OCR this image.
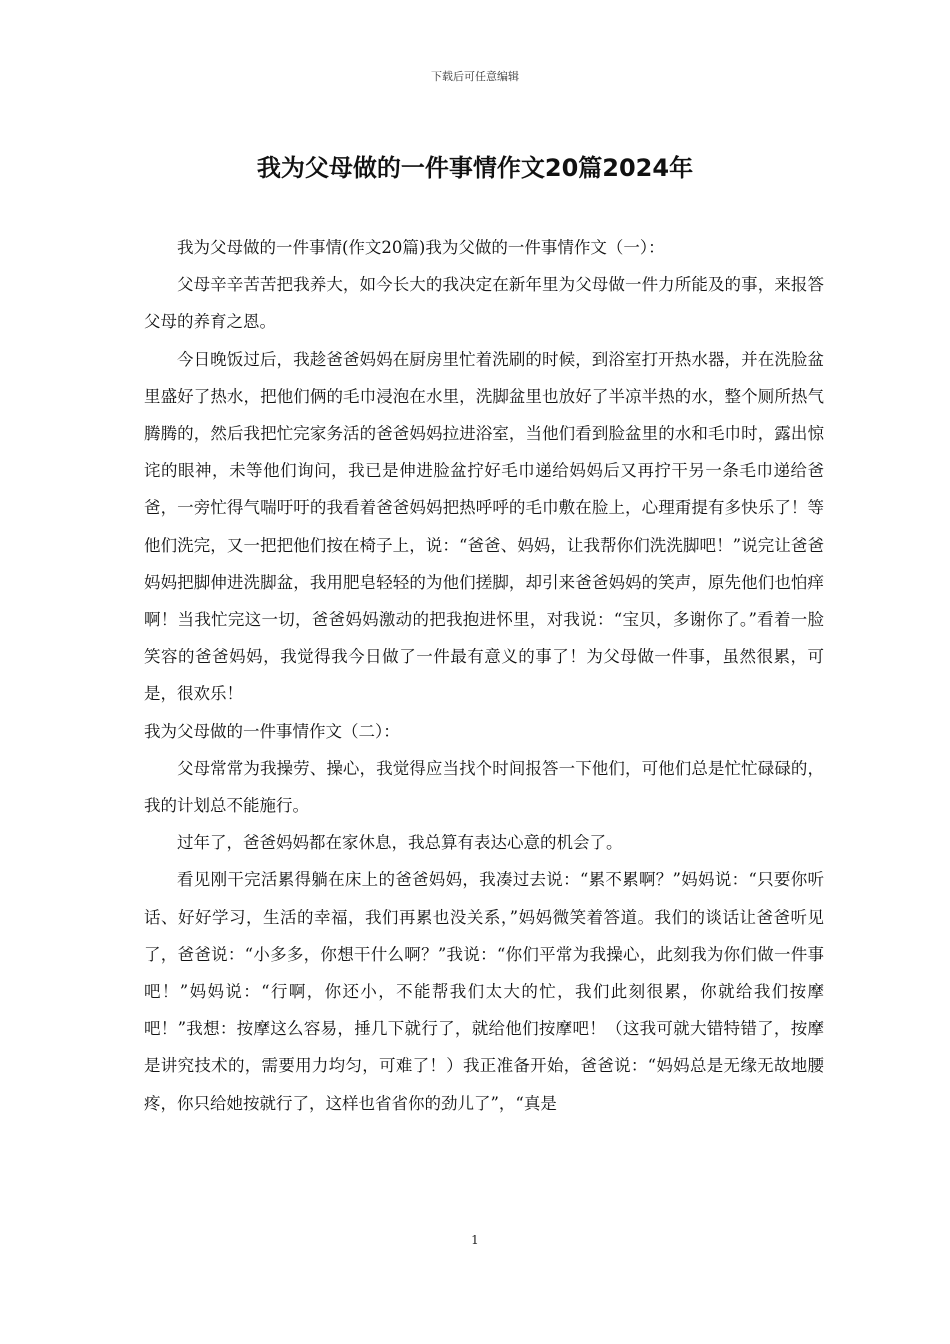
下载后可任意编辑
我为父母做的一件事情作文20篇2024年

我为父母做的一件事情(作文20篇)我为父做的一件事情作文（一）：

父母辛辛苦苦把我养大，如今长大的我决定在新年里为父母做一件力所能及的事，来报答父母的养育之恩。

今日晚饭过后，我趁爸爸妈妈在厨房里忙着洗刷的时候，到浴室打开热水器，并在洗脸盆里盛好了热水，把他们俩的毛巾浸泡在水里，洗脚盆里也放好了半凉半热的水，整个厕所热气腾腾的，然后我把忙完家务活的爸爸妈妈拉进浴室，当他们看到脸盆里的水和毛巾时，露出惊诧的眼神，未等他们询问，我已是伸进脸盆拧好毛巾递给妈妈后又再拧干另一条毛巾递给爸爸，一旁忙得气喘吁吁的我看着爸爸妈妈把热呼呼的毛巾敷在脸上，心理甭提有多快乐了！等他们洗完，又一把把他们按在椅子上，说：“爸爸、妈妈，让我帮你们洗洗脚吧！”说完让爸爸妈妈把脚伸进洗脚盆，我用肥皂轻轻的为他们搓脚，却引来爸爸妈妈的笑声，原先他们也怕痒啊！当我忙完这一切，爸爸妈妈激动的把我抱进怀里，对我说：“宝贝，多谢你了。”看着一脸笑容的爸爸妈妈，我觉得我今日做了一件最有意义的事了！为父母做一件事，虽然很累，可是，很欢乐！

我为父母做的一件事情作文（二）：

父母常常为我操劳、操心，我觉得应当找个时间报答一下他们，可他们总是忙忙碌碌的，我的计划总不能施行。

过年了，爸爸妈妈都在家休息，我总算有表达心意的机会了。

看见刚干完活累得躺在床上的爸爸妈妈，我凑过去说：“累不累啊？”妈妈说：“只要你听话、好好学习，生活的幸福，我们再累也没关系，”妈妈微笑着答道。我们的谈话让爸爸听见了，爸爸说：“小多多，你想干什么啊？”我说：“你们平常为我操心，此刻我为你们做一件事吧！”妈妈说：“行啊，你还小，不能帮我们太大的忙，我们此刻很累，你就给我们按摩吧！”我想：按摩这么容易，捶几下就行了，就给他们按摩吧！（这我可就大错特错了，按摩是讲究技术的，需要用力均匀，可难了！）我正准备开始，爸爸说：“妈妈总是无缘无故地腰疼，你只给她按就行了，这样也省省你的劲儿了”，“真是

1
